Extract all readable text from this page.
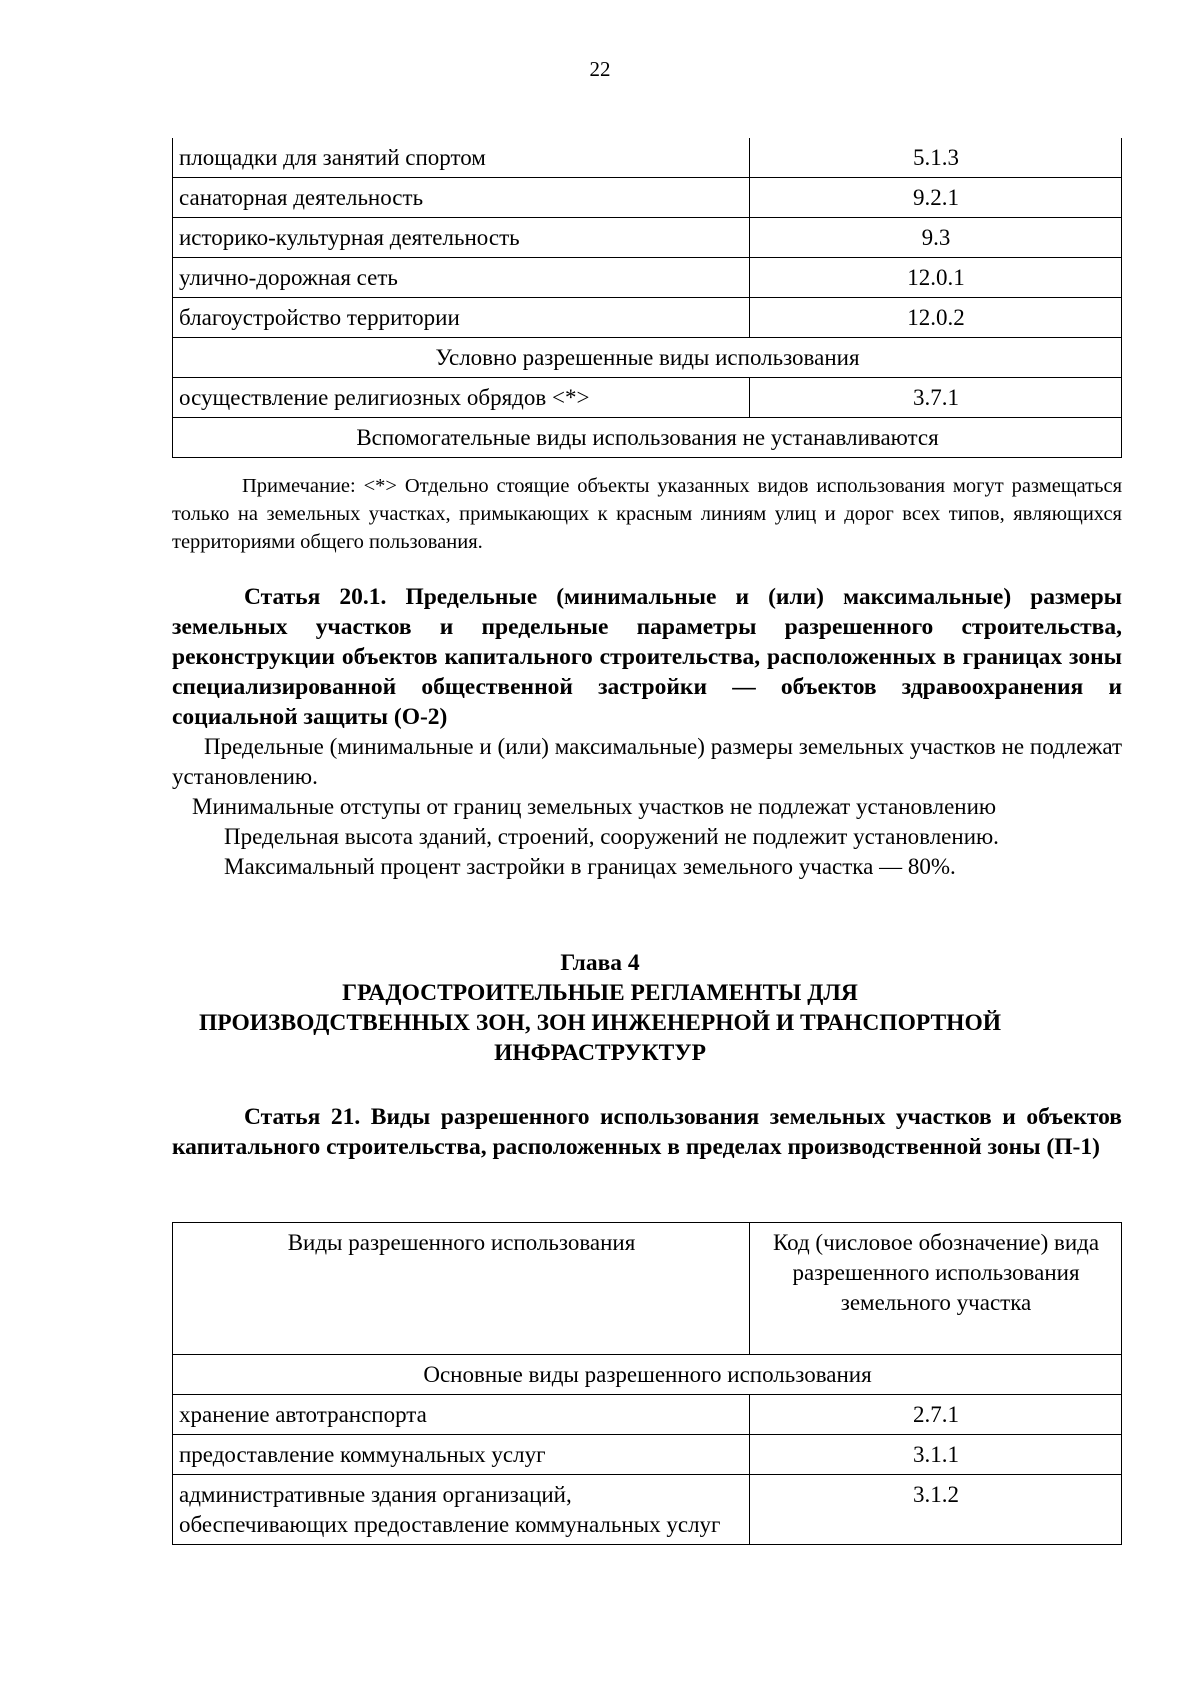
22
площадки для занятий спортом	5.1.3
санаторная деятельность	9.2.1
историко-культурная деятельность	9.3
улично-дорожная сеть	12.0.1
благоустройство территории	12.0.2
Условно разрешенные виды использования	
осуществление религиозных обрядов <*>	3.7.1
Вспомогательные виды использования не устанавливаются	

Примечание: <*> Отдельно стоящие объекты указанных видов использования могут размещаться только на земельных участках, примыкающих к красным линиям улиц и дорог всех типов, являющихся территориями общего пользования.

Статья 20.1. Предельные (минимальные и (или) максимальные) размеры земельных участков и предельные параметры разрешенного строительства, реконструкции объектов капитального строительства, расположенных в границах зоны специализированной общественной застройки — объектов здравоохранения и социальной защиты (О-2)

Предельные (минимальные и (или) максимальные) размеры земельных участков не подлежат установлению.

Минимальные отступы от границ земельных участков не подлежат установлению

Предельная высота зданий, строений, сооружений не подлежит установлению.

Максимальный процент застройки в границах земельного участка — 80%.

Глава 4

ГРАДОСТРОИТЕЛЬНЫЕ РЕГЛАМЕНТЫ ДЛЯ

ПРОИЗВОДСТВЕННЫХ ЗОН, ЗОН ИНЖЕНЕРНОЙ И ТРАНСПОРТНОЙ

ИНФРАСТРУКТУР

Статья 21. Виды разрешенного использования земельных участков и объектов капитального строительства, расположенных в пределах производственной зоны (П-1)

Виды разрешенного использования	Код (числовое обозначение) вида разрешенного использования земельного участка
Основные виды разрешенного использования	
хранение автотранспорта	2.7.1
предоставление коммунальных услуг	3.1.1
административные здания организаций, обеспечивающих предоставление коммунальных услуг	3.1.2
